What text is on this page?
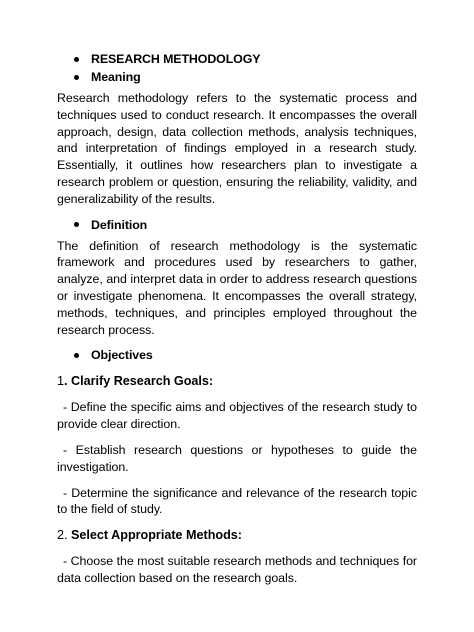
RESEARCH METHODOLOGY
Meaning

Research methodology refers to the systematic process and techniques used to conduct research. It encompasses the overall approach, design, data collection methods, analysis techniques, and interpretation of findings employed in a research study. Essentially, it outlines how researchers plan to investigate a research problem or question, ensuring the reliability, validity, and generalizability of the results.

Definition

The definition of research methodology is the systematic framework and procedures used by researchers to gather, analyze, and interpret data in order to address research questions or investigate phenomena. It encompasses the overall strategy, methods, techniques, and principles employed throughout the research process.

Objectives

1. Clarify Research Goals:

- Define the specific aims and objectives of the research study to provide clear direction.

- Establish research questions or hypotheses to guide the investigation.

- Determine the significance and relevance of the research topic to the field of study.

2. Select Appropriate Methods:

- Choose the most suitable research methods and techniques for data collection based on the research goals.
